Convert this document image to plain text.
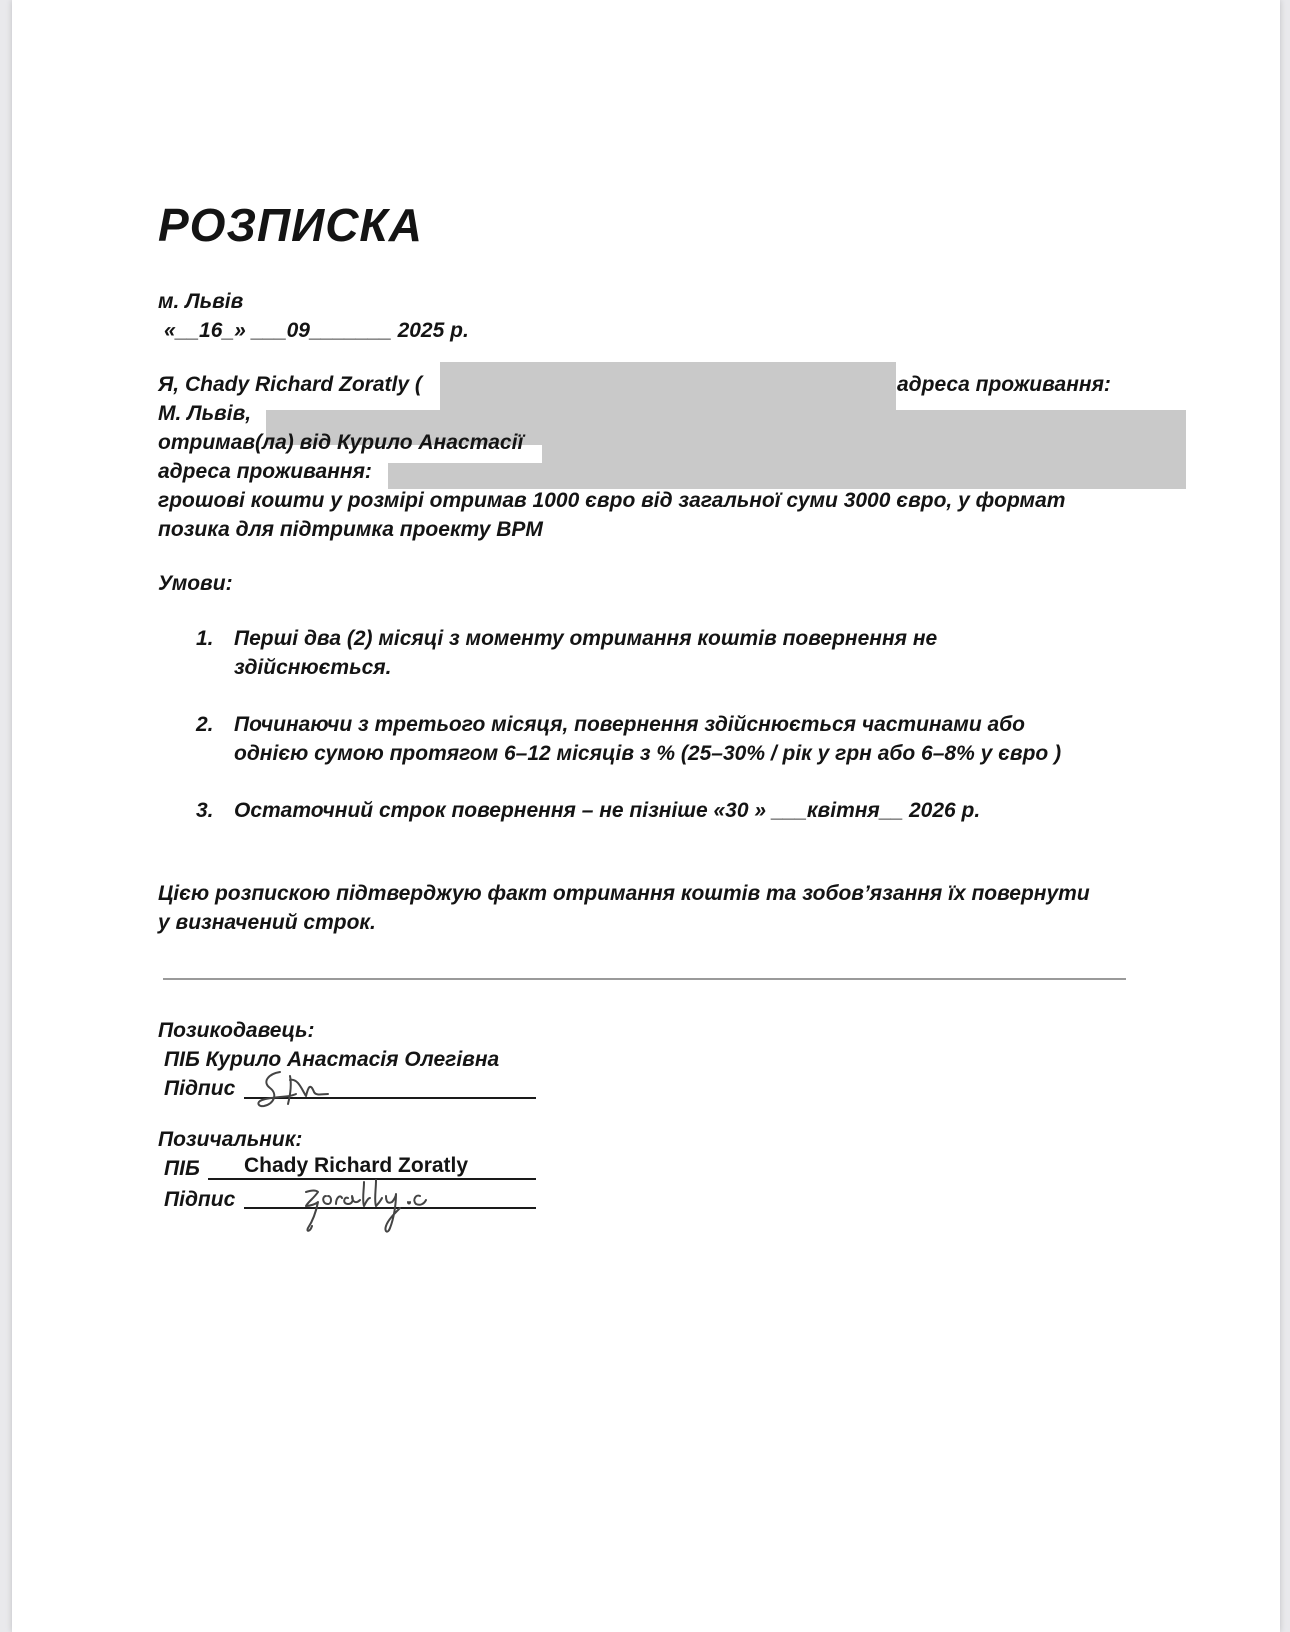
РОЗПИСКА
м. Львів
«__16_» ___09_______ 2025 р.
Я, Chady Richard Zoratly (	адреса проживання:
М. Львів,
отримав(ла) від Курило Анастасії
адреса проживання:
грошові кошти у розмірі отримав 1000 євро від загальної суми 3000 євро, у формат
позика для підтримка проекту ВРМ
Умови:
1. Перші два (2) місяці з моменту отримання коштів повернення не
здійснюється.
2. Починаючи з третього місяця, повернення здійснюється частинами або
однією сумою протягом 6–12 місяців з % (25–30% / рік у грн або 6–8% у євро )
3. Остаточний строк повернення – не пізніше «30 » ___квітня__ 2026 р.
Цією розпискою підтверджую факт отримання коштів та зобов’язання їх повернути
у визначений строк.
Позикодавець:
ПІБ Курило Анастасія Олегівна
Підпис
Позичальник:
ПІБ Chady Richard Zoratly
Підпис
